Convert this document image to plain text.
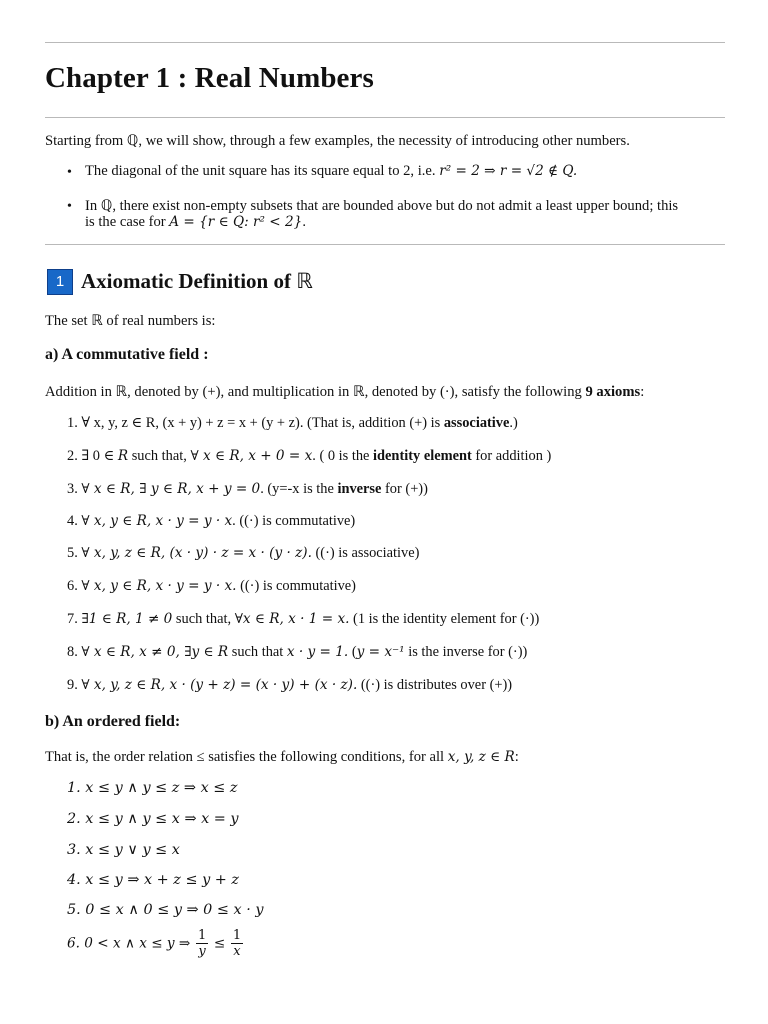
Chapter 1 : Real Numbers
Starting from ℚ, we will show, through a few examples, the necessity of introducing other numbers.
• The diagonal of the unit square has its square equal to 2, i.e. r² = 2 ⇒ r = √2 ∉ Q.
• In ℚ, there exist non-empty subsets that are bounded above but do not admit a least upper bound; this
is the case for A = {r ∈ Q: r² < 2}.
1 Axiomatic Definition of ℝ
The set ℝ of real numbers is:
a) A commutative field :
Addition in ℝ, denoted by (+), and multiplication in ℝ, denoted by (·), satisfy the following 9 axioms:
1. ∀ x, y, z ∈ R, (x + y) + z = x + (y + z). (That is, addition (+) is associative.)
2. ∃ 0 ∈ R such that, ∀ x ∈ R, x + 0 = x. ( 0 is the identity element for addition )
3. ∀ x ∈ R, ∃ y ∈ R, x + y = 0. (y=-x is the inverse for (+))
4. ∀ x, y ∈ R, x · y = y · x. ((·) is commutative)
5. ∀ x, y, z ∈ R, (x · y) · z = x · (y · z). ((·) is associative)
6. ∀ x, y ∈ R, x · y = y · x. ((·) is commutative)
7. ∃1 ∈ R, 1 ≠ 0 such that, ∀x ∈ R, x · 1 = x. (1 is the identity element for (·))
8. ∀ x ∈ R, x ≠ 0, ∃y ∈ R such that x · y = 1. (y = x⁻¹ is the inverse for (·))
9. ∀ x, y, z ∈ R, x · (y + z) = (x · y) + (x · z). ((·) is distributes over (+))
b) An ordered field:
That is, the order relation ≤ satisfies the following conditions, for all x, y, z ∈ R:
1. x ≤ y ∧ y ≤ z ⇒ x ≤ z
2. x ≤ y ∧ y ≤ x ⇒ x = y
3. x ≤ y ∨ y ≤ x
4. x ≤ y ⇒ x + z ≤ y + z
5. 0 ≤ x ∧ 0 ≤ y ⇒ 0 ≤ x · y
6. 0 < x ∧ x ≤ y ⇒ $\frac{1}{y} \le \frac{1}{x}$
